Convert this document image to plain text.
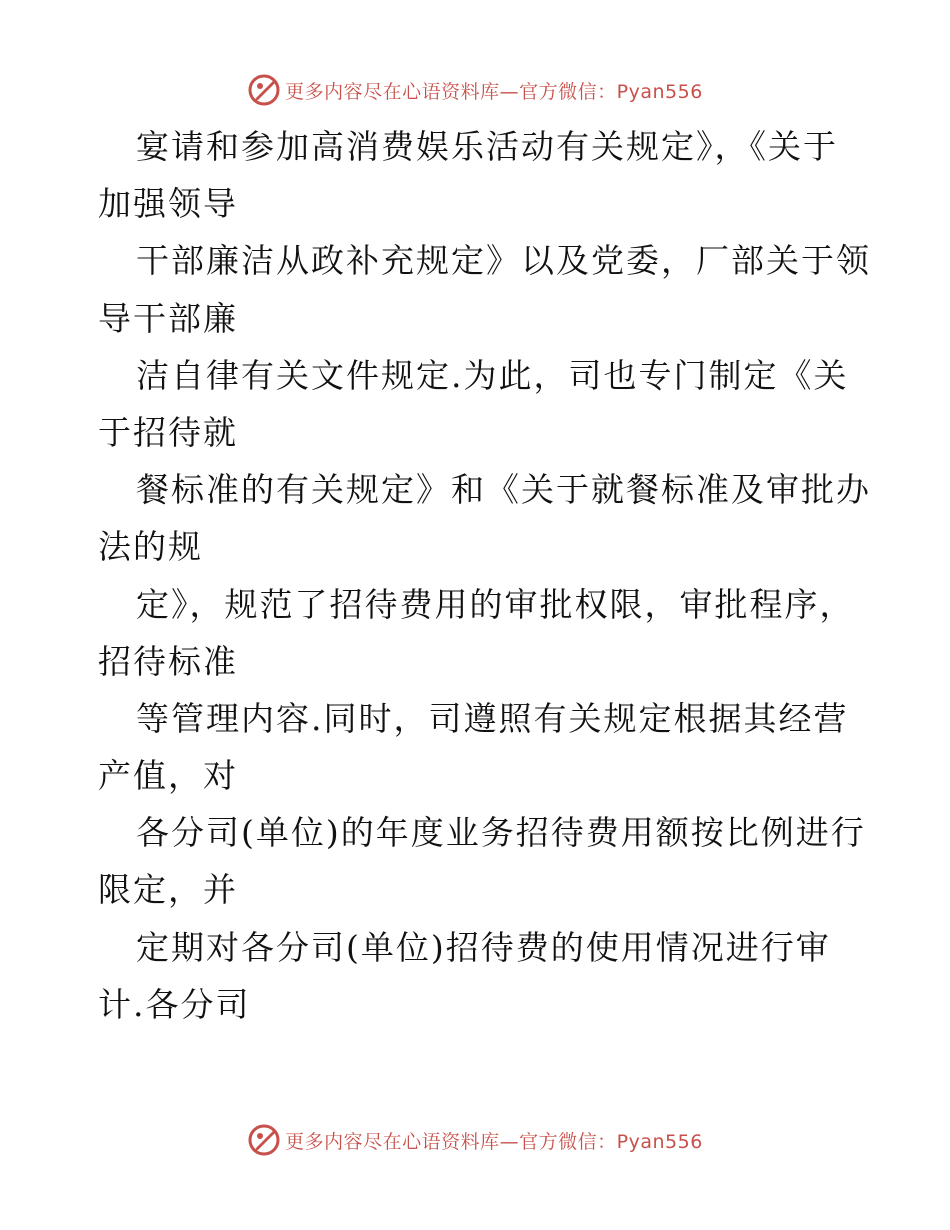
更多内容尽在心语资料库—官方微信：Pyan556
宴请和参加高消费娱乐活动有关规定》，《关于
加强领导
干部廉洁从政补充规定》以及党委，厂部关于领
导干部廉
洁自律有关文件规定.为此，司也专门制定《关
于招待就
餐标准的有关规定》和《关于就餐标准及审批办
法的规
定》，规范了招待费用的审批权限，审批程序，
招待标准
等管理内容.同时，司遵照有关规定根据其经营
产值，对
各分司(单位)的年度业务招待费用额按比例进行
限定，并
定期对各分司(单位)招待费的使用情况进行审
计.各分司
更多内容尽在心语资料库—官方微信：Pyan556
